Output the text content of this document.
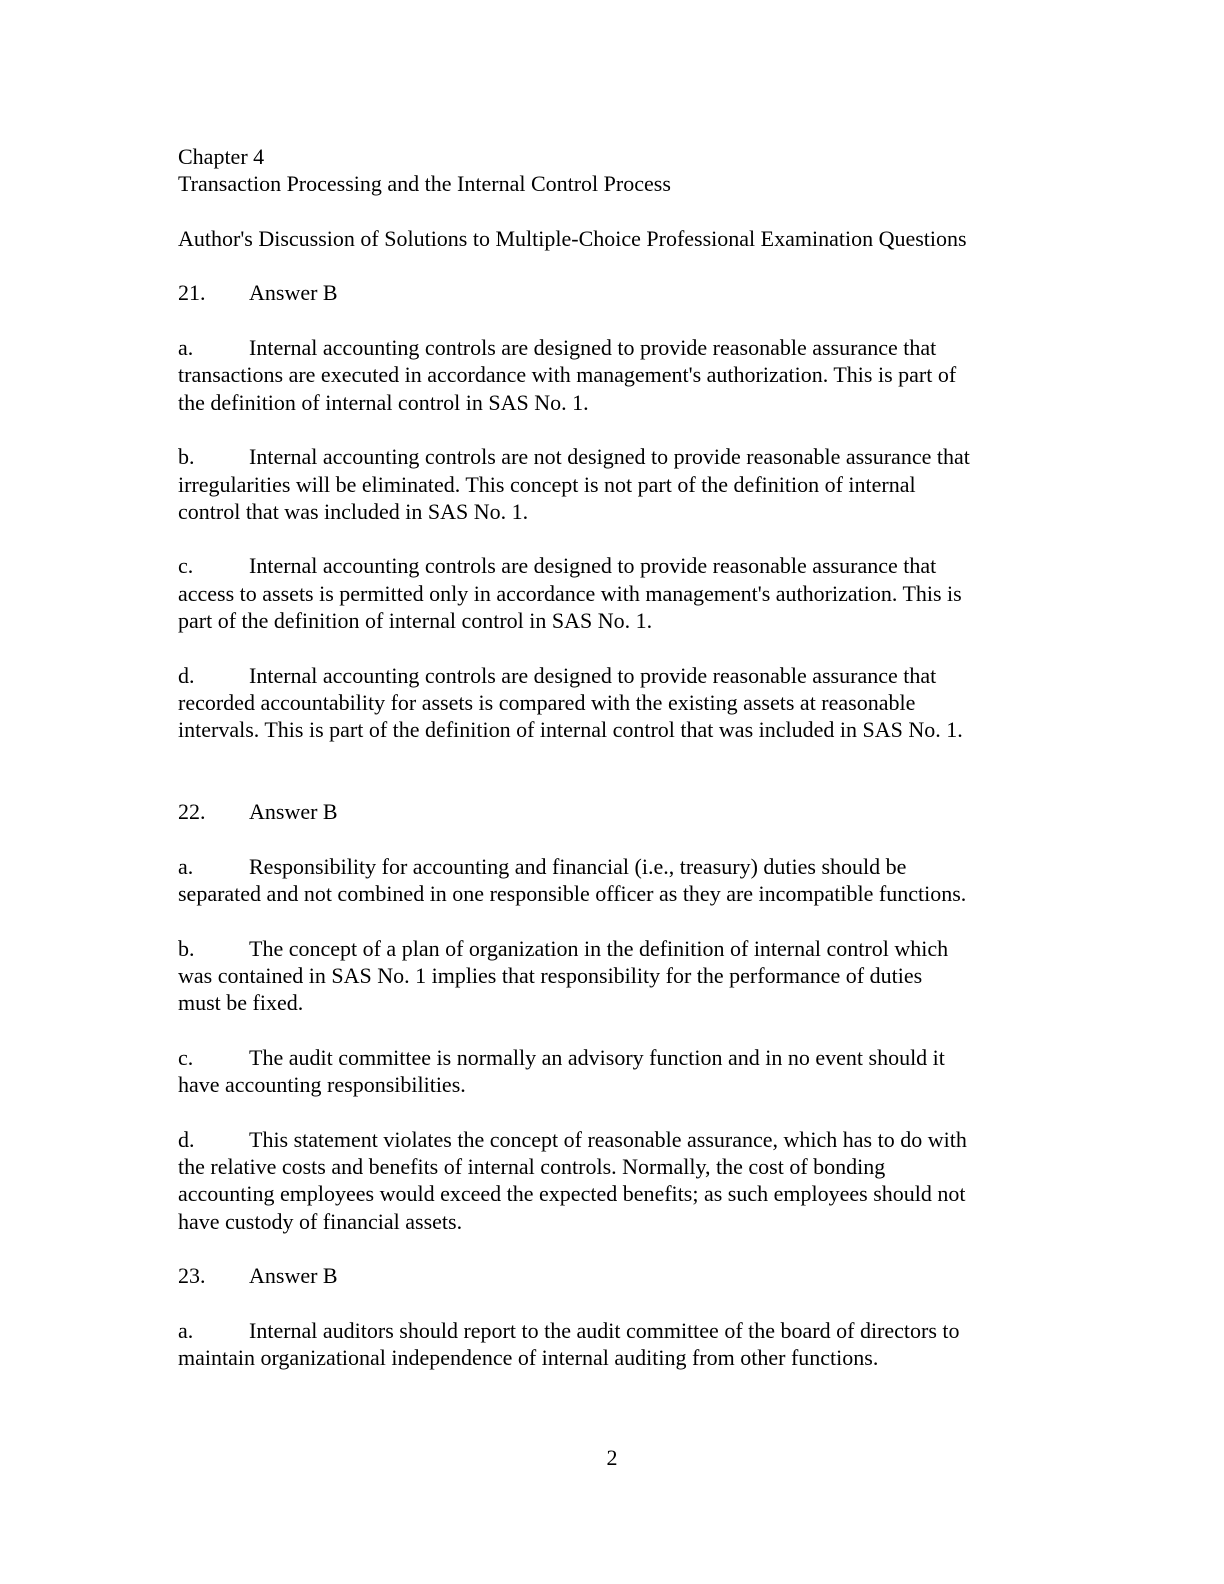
Chapter 4
Transaction Processing and the Internal Control Process
Author's Discussion of Solutions to Multiple-Choice Professional Examination Questions
21. Answer B
a.	Internal accounting controls are designed to provide reasonable assurance that
transactions are executed in accordance with management's authorization. This is part of
the definition of internal control in SAS No. 1.
b. Internal accounting controls are not designed to provide reasonable assurance that
irregularities will be eliminated. This concept is not part of the definition of internal
control that was included in SAS No. 1.
c.	Internal accounting controls are designed to provide reasonable assurance that
access to assets is permitted only in accordance with management's authorization. This is
part of the definition of internal control in SAS No. 1.
d. Internal accounting controls are designed to provide reasonable assurance that
recorded accountability for assets is compared with the existing assets at reasonable
intervals. This is part of the definition of internal control that was included in SAS No. 1.
22. Answer B
a.	Responsibility for accounting and financial (i.e., treasury) duties should be
separated and not combined in one responsible officer as they are incompatible functions.
b. The concept of a plan of organization in the definition of internal control which
was contained in SAS No. 1 implies that responsibility for the performance of duties
must be fixed.
c.	The audit committee is normally an advisory function and in no event should it
have accounting responsibilities.
d. This statement violates the concept of reasonable assurance, which has to do with
the relative costs and benefits of internal controls. Normally, the cost of bonding
accounting employees would exceed the expected benefits; as such employees should not
have custody of financial assets.
23. Answer B
a.	Internal auditors should report to the audit committee of the board of directors to
maintain organizational independence of internal auditing from other functions.
2
